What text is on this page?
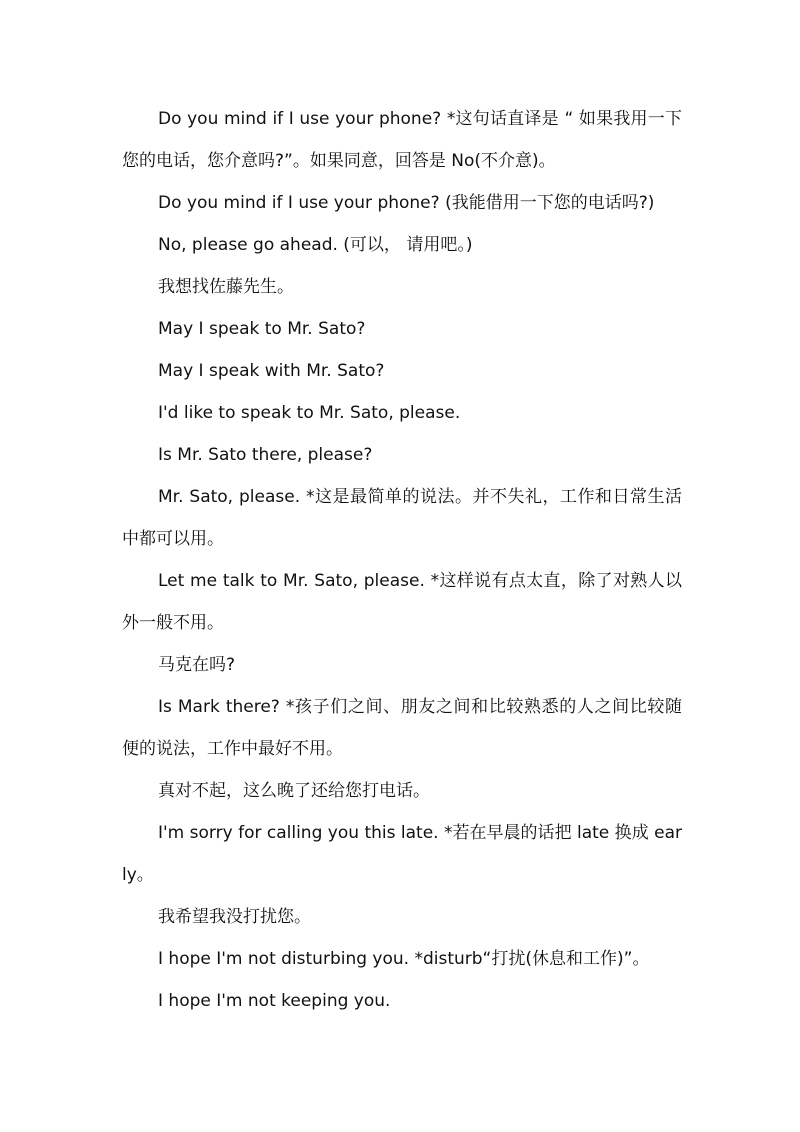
Do you mind if I use your phone? *这句话直译是 “ 如果我用一下您的电话，您介意吗?”。如果同意，回答是 No(不介意)。

Do you mind if I use your phone? (我能借用一下您的电话吗?)

No, please go ahead. (可以， 请用吧。)

我想找佐藤先生。

May I speak to Mr. Sato?

May I speak with Mr. Sato?

I'd like to speak to Mr. Sato, please.

Is Mr. Sato there, please?

Mr. Sato, please. *这是最简单的说法。并不失礼，工作和日常生活中都可以用。

Let me talk to Mr. Sato, please. *这样说有点太直，除了对熟人以外一般不用。

马克在吗?

Is Mark there? *孩子们之间、朋友之间和比较熟悉的人之间比较随便的说法，工作中最好不用。

真对不起，这么晚了还给您打电话。

I'm sorry for calling you this late. *若在早晨的话把 late 换成 early。

我希望我没打扰您。

I hope I'm not disturbing you. *disturb“打扰(休息和工作)”。

I hope I'm not keeping you.
